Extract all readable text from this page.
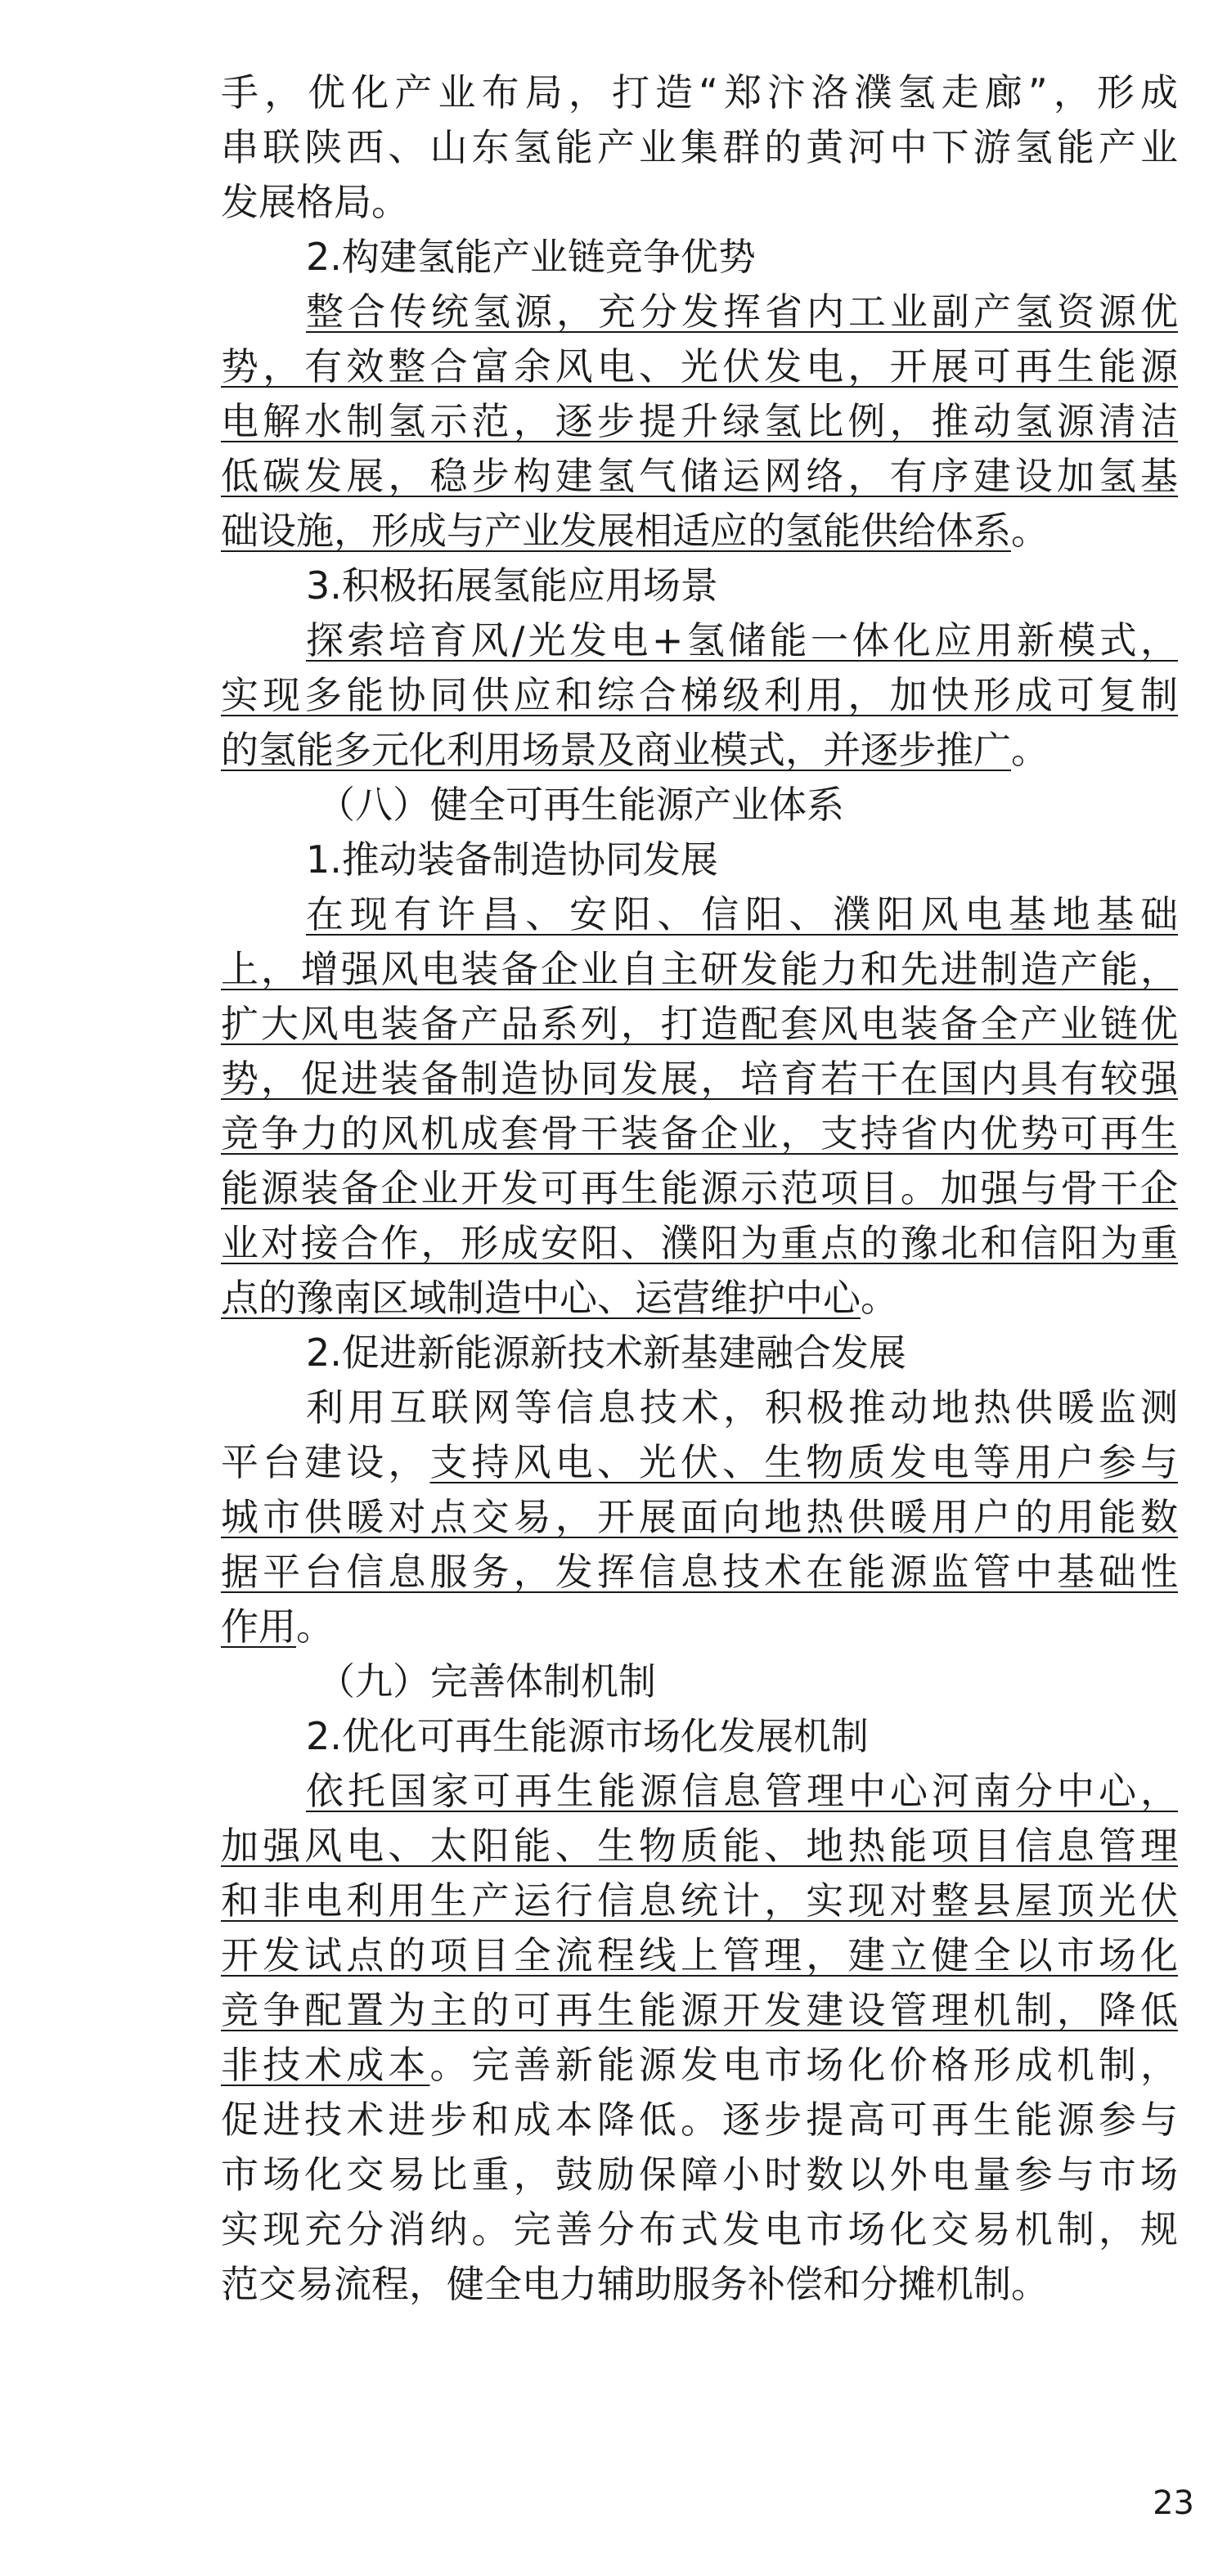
手，优化产业布局，打造“郑汴洛濮氢走廊”，形成
串联陕西、山东氢能产业集群的黄河中下游氢能产业
发展格局。
2.构建氢能产业链竞争优势
整合传统氢源，充分发挥省内工业副产氢资源优
势，有效整合富余风电、光伏发电，开展可再生能源
电解水制氢示范，逐步提升绿氢比例，推动氢源清洁
低碳发展，稳步构建氢气储运网络，有序建设加氢基
础设施，形成与产业发展相适应的氢能供给体系。
3.积极拓展氢能应用场景
探索培育风/光发电+氢储能一体化应用新模式，
实现多能协同供应和综合梯级利用，加快形成可复制
的氢能多元化利用场景及商业模式，并逐步推广。
（八）健全可再生能源产业体系
1.推动装备制造协同发展
在现有许昌、安阳、信阳、濮阳风电基地基础
上，增强风电装备企业自主研发能力和先进制造产能，
扩大风电装备产品系列，打造配套风电装备全产业链优
势，促进装备制造协同发展，培育若干在国内具有较强
竞争力的风机成套骨干装备企业，支持省内优势可再生
能源装备企业开发可再生能源示范项目。加强与骨干企
业对接合作，形成安阳、濮阳为重点的豫北和信阳为重
点的豫南区域制造中心、运营维护中心。
2.促进新能源新技术新基建融合发展
利用互联网等信息技术，积极推动地热供暖监测
平台建设，支持风电、光伏、生物质发电等用户参与
城市供暖对点交易，开展面向地热供暖用户的用能数
据平台信息服务，发挥信息技术在能源监管中基础性
作用。
（九）完善体制机制
2.优化可再生能源市场化发展机制
依托国家可再生能源信息管理中心河南分中心，
加强风电、太阳能、生物质能、地热能项目信息管理
和非电利用生产运行信息统计，实现对整县屋顶光伏
开发试点的项目全流程线上管理，建立健全以市场化
竞争配置为主的可再生能源开发建设管理机制，降低
非技术成本。完善新能源发电市场化价格形成机制，
促进技术进步和成本降低。逐步提高可再生能源参与
市场化交易比重，鼓励保障小时数以外电量参与市场
实现充分消纳。完善分布式发电市场化交易机制，规
范交易流程，健全电力辅助服务补偿和分摊机制。
23
